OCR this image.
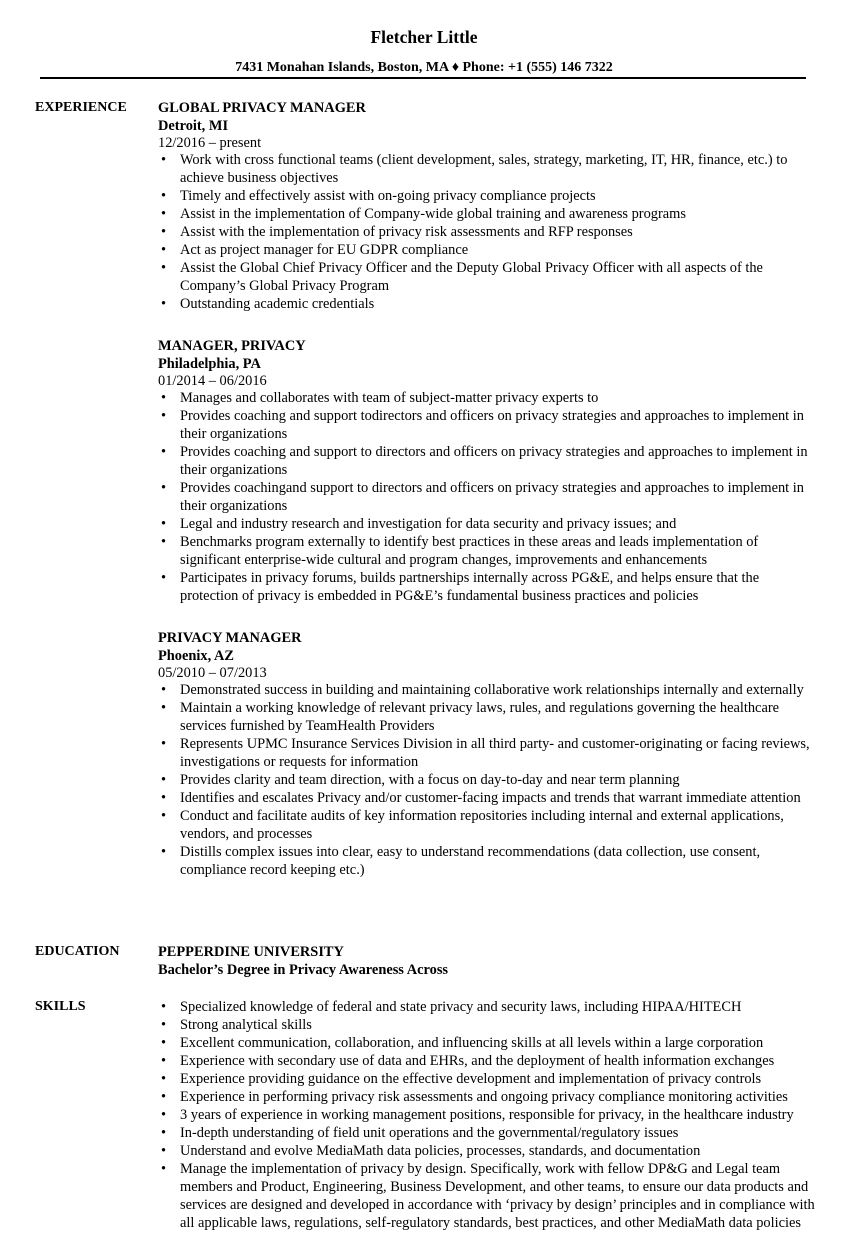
Fletcher Little
7431 Monahan Islands, Boston, MA ♦ Phone: +1 (555) 146 7322
EXPERIENCE GLOBAL PRIVACY MANAGER
Detroit, MI
12/2016 – present
• Work with cross functional teams (client development, sales, strategy, marketing, IT, HR, finance, etc.) to achieve business objectives
• Timely and effectively assist with on-going privacy compliance projects
• Assist in the implementation of Company-wide global training and awareness programs
• Assist with the implementation of privacy risk assessments and RFP responses
• Act as project manager for EU GDPR compliance
• Assist the Global Chief Privacy Officer and the Deputy Global Privacy Officer with all aspects of the Company’s Global Privacy Program
• Outstanding academic credentials
MANAGER, PRIVACY
Philadelphia, PA
01/2014 – 06/2016
• Manages and collaborates with team of subject-matter privacy experts to
• Provides coaching and support todirectors and officers on privacy strategies and approaches to implement in their organizations
• Provides coaching and support to directors and officers on privacy strategies and approaches to implement in their organizations
• Provides coachingand support to directors and officers on privacy strategies and approaches to implement in their organizations
• Legal and industry research and investigation for data security and privacy issues; and
• Benchmarks program externally to identify best practices in these areas and leads implementation of significant enterprise-wide cultural and program changes, improvements and enhancements
• Participates in privacy forums, builds partnerships internally across PG&E, and helps ensure that the protection of privacy is embedded in PG&E’s fundamental business practices and policies
PRIVACY MANAGER
Phoenix, AZ
05/2010 – 07/2013
• Demonstrated success in building and maintaining collaborative work relationships internally and externally
• Maintain a working knowledge of relevant privacy laws, rules, and regulations governing the healthcare services furnished by TeamHealth Providers
• Represents UPMC Insurance Services Division in all third party- and customer-originating or facing reviews, investigations or requests for information
• Provides clarity and team direction, with a focus on day-to-day and near term planning
• Identifies and escalates Privacy and/or customer-facing impacts and trends that warrant immediate attention
• Conduct and facilitate audits of key information repositories including internal and external applications, vendors, and processes
• Distills complex issues into clear, easy to understand recommendations (data collection, use consent, compliance record keeping etc.)
EDUCATION	PEPPERDINE UNIVERSITY
Bachelor’s Degree in Privacy Awareness Across
SKILLS
•	Specialized knowledge of federal and state privacy and security laws, including HIPAA/HITECH
• Strong analytical skills
• Excellent communication, collaboration, and influencing skills at all levels within a large corporation
• Experience with secondary use of data and EHRs, and the deployment of health information exchanges
• Experience providing guidance on the effective development and implementation of privacy controls
• Experience in performing privacy risk assessments and ongoing privacy compliance monitoring activities
• 3 years of experience in working management positions, responsible for privacy, in the healthcare industry
• In-depth understanding of field unit operations and the governmental/regulatory issues
• Understand and evolve MediaMath data policies, processes, standards, and documentation
• Manage the implementation of privacy by design. Specifically, work with fellow DP&G and Legal team members and Product, Engineering, Business Development, and other teams, to ensure our data products and services are designed and developed in accordance with ‘privacy by design’ principles and in compliance with all applicable laws, regulations, self-regulatory standards, best practices, and other MediaMath data policies
